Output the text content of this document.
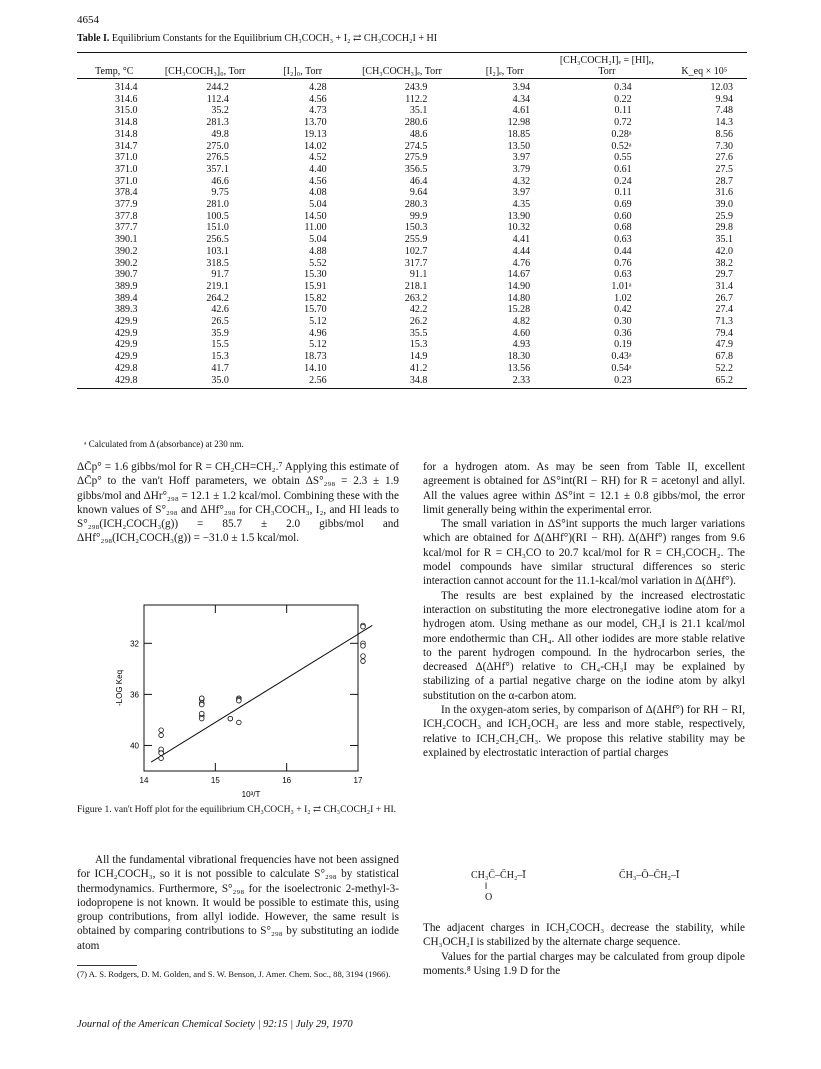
4654
Table I. Equilibrium Constants for the Equilibrium CH₃COCH₃ + I₂ ⇄ CH₃COCH₂I + HI
Temp, °C	[CH₃COCH₃]₀, Torr	[I₂]₀, Torr	[CH₃COCH₃]ₑ, Torr	[I₂]ₑ, Torr	[CH₃COCH₂I]ₑ = [HI]ₑ, Torr	K_eq × 10⁵
314.4	244.2	4.28	243.9	3.94	0.34	12.03
314.6	112.4	4.56	112.2	4.34	0.22	9.94
315.0	35.2	4.73	35.1	4.61	0.11	7.48
314.8	281.3	13.70	280.6	12.98	0.72	14.3
314.8	49.8	19.13	48.6	18.85	0.28ᵃ	8.56
314.7	275.0	14.02	274.5	13.50	0.52ᵃ	7.30
371.0	276.5	4.52	275.9	3.97	0.55	27.6
371.0	357.1	4.40	356.5	3.79	0.61	27.5
371.0	46.6	4.56	46.4	4.32	0.24	28.7
378.4	9.75	4.08	9.64	3.97	0.11	31.6
377.9	281.0	5.04	280.3	4.35	0.69	39.0
377.8	100.5	14.50	99.9	13.90	0.60	25.9
377.7	151.0	11.00	150.3	10.32	0.68	29.8
390.1	256.5	5.04	255.9	4.41	0.63	35.1
390.2	103.1	4.88	102.7	4.44	0.44	42.0
390.2	318.5	5.52	317.7	4.76	0.76	38.2
390.7	91.7	15.30	91.1	14.67	0.63	29.7
389.9	219.1	15.91	218.1	14.90	1.01ᵃ	31.4
389.4	264.2	15.82	263.2	14.80	1.02	26.7
389.3	42.6	15.70	42.2	15.28	0.42	27.4
429.9	26.5	5.12	26.2	4.82	0.30	71.3
429.9	35.9	4.96	35.5	4.60	0.36	79.4
429.9	15.5	5.12	15.3	4.93	0.19	47.9
429.9	15.3	18.73	14.9	18.30	0.43ᵃ	67.8
429.8	41.7	14.10	41.2	13.56	0.54ᵃ	52.2
429.8	35.0	2.56	34.8	2.33	0.23	65.2
ᵃ Calculated from Δ (absorbance) at 230 nm.

ΔC̄p° = 1.6 gibbs/mol for R = CH₂CH=CH₂.⁷ Applying this estimate of ΔC̄p° to the van't Hoff parameters, we obtain ΔS°₂₉₈ = 2.3 ± 1.9 gibbs/mol and ΔHr°₂₉₈ = 12.1 ± 1.2 kcal/mol. Combining these with the known values of S°₂₉₈ and ΔHf°₂₉₈ for CH₃COCH₃, I₂, and HI leads to S°₂₉₈(ICH₂COCH₃(g)) = 85.7 ± 2.0 gibbs/mol and ΔHf°₂₉₈(ICH₂COCH₃(g)) = −31.0 ± 1.5 kcal/mol.

14	15	16	17
40
36
32
10³/T
-LOG Keq
Figure 1. van't Hoff plot for the equilibrium CH₃COCH₃ + I₂ ⇄ CH₃COCH₂I + HI.

All the fundamental vibrational frequencies have not been assigned for ICH₂COCH₃, so it is not possible to calculate S°₂₉₈ by statistical thermodynamics. Furthermore, S°₂₉₈ for the isoelectronic 2-methyl-3-iodopropene is not known. It would be possible to estimate this, using group contributions, from allyl iodide. However, the same result is obtained by comparing contributions to S°₂₉₈ by substituting an iodide atom

(7) A. S. Rodgers, D. M. Golden, and S. W. Benson, J. Amer. Chem. Soc., 88, 3194 (1966).

for a hydrogen atom. As may be seen from Table II, excellent agreement is obtained for ΔS°int(RI − RH) for R = acetonyl and allyl. All the values agree within ΔS°int = 12.1 ± 0.8 gibbs/mol, the error limit generally being within the experimental error.

The small variation in ΔS°int supports the much larger variations which are obtained for Δ(ΔHf°)(RI − RH). Δ(ΔHf°) ranges from 9.6 kcal/mol for R = CH₃CO to 20.7 kcal/mol for R = CH₃COCH₂. The model compounds have similar structural differences so steric interaction cannot account for the 11.1-kcal/mol variation in Δ(ΔHf°).

The results are best explained by the increased electrostatic interaction on substituting the more electronegative iodine atom for a hydrogen atom. Using methane as our model, CH₃I is 21.1 kcal/mol more endothermic than CH₄. All other iodides are more stable relative to the parent hydrogen compound. In the hydrocarbon series, the decreased Δ(ΔHf°) relative to CH₄-CH₃I may be explained by stabilizing of a partial negative charge on the iodine atom by alkyl substitution on the α-carbon atom.

In the oxygen-atom series, by comparison of Δ(ΔHf°) for RH − RI, ICH₂COCH₃ and ICH₂OCH₃ are less and more stable, respectively, relative to ICH₂CH₂CH₃. We propose this relative stability may be explained by electrostatic interaction of partial charges

CH₃C̄–C̄H₂–Ī
‖
O
C̄H₃–Ō–C̄H₂–Ī

The adjacent charges in ICH₂COCH₃ decrease the stability, while CH₃OCH₂I is stabilized by the alternate charge sequence.

Values for the partial charges may be calculated from group dipole moments.⁸ Using 1.9 D for the

Journal of the American Chemical Society | 92:15 | July 29, 1970
